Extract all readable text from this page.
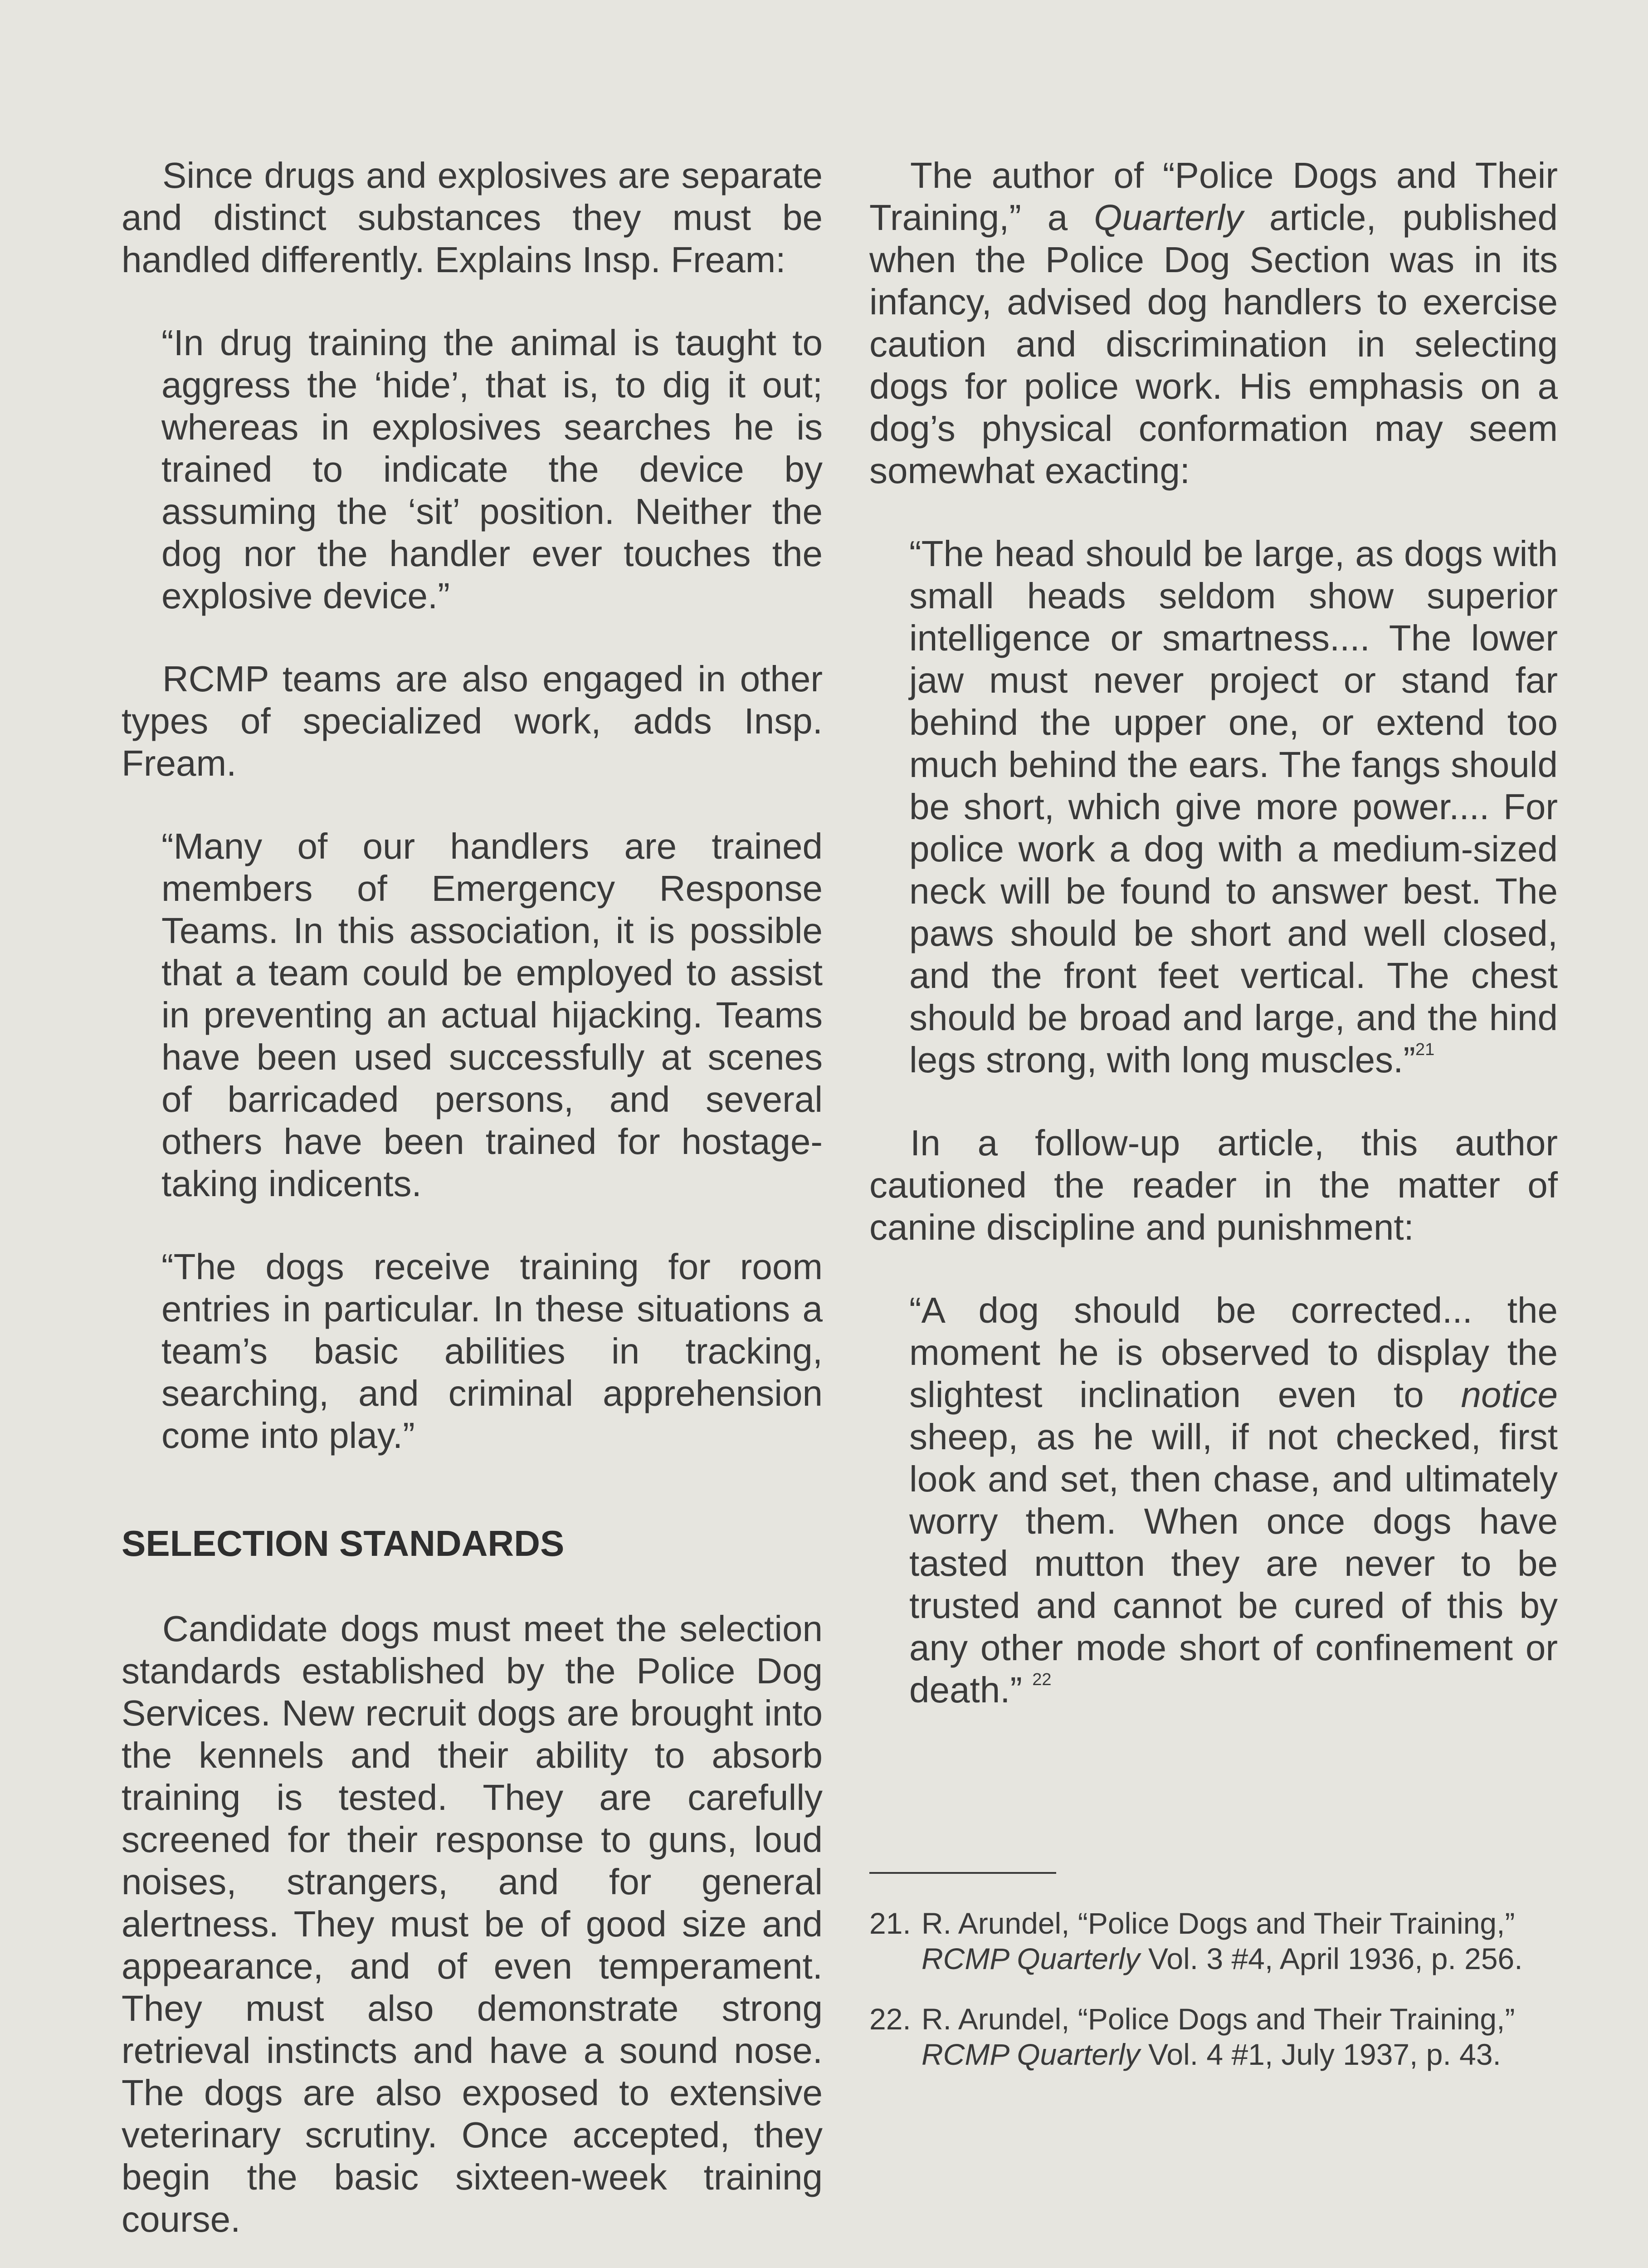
Since drugs and explosives are separate and distinct substances they must be handled differently. Explains Insp. Fream:

“In drug training the animal is taught to aggress the ‘hide’, that is, to dig it out; whereas in explosives searches he is trained to indicate the device by assuming the ‘sit’ position. Neither the dog nor the handler ever touches the explosive device.”

RCMP teams are also engaged in other types of specialized work, adds Insp. Fream.

“Many of our handlers are trained members of Emergency Response Teams. In this association, it is possible that a team could be employed to assist in preventing an actual hijacking. Teams have been used successfully at scenes of barricaded persons, and several others have been trained for hostage-taking indicents.

“The dogs receive training for room entries in particular. In these situations a team’s basic abilities in tracking, searching, and criminal apprehension come into play.”

SELECTION STANDARDS

Candidate dogs must meet the selection standards established by the Police Dog Services. New recruit dogs are brought into the kennels and their ability to absorb training is tested. They are carefully screened for their response to guns, loud noises, strangers, and for general alertness. They must be of good size and appearance, and of even temperament. They must also demonstrate strong retrieval instincts and have a sound nose. The dogs are also exposed to extensive veterinary scrutiny. Once accepted, they begin the basic sixteen-week training course.

The author of “Police Dogs and Their Training,” a Quarterly article, published when the Police Dog Section was in its infancy, advised dog handlers to exercise caution and discrimination in selecting dogs for police work. His emphasis on a dog’s physical conformation may seem somewhat exacting:

“The head should be large, as dogs with small heads seldom show superior intelligence or smartness.... The lower jaw must never project or stand far behind the upper one, or extend too much behind the ears. The fangs should be short, which give more power.... For police work a dog with a medium-sized neck will be found to answer best. The paws should be short and well closed, and the front feet vertical. The chest should be broad and large, and the hind legs strong, with long muscles.”$^{21}$

In a follow-up article, this author cautioned the reader in the matter of canine discipline and punishment:

“A dog should be corrected... the moment he is observed to display the slightest inclination even to notice sheep, as he will, if not checked, first look and set, then chase, and ultimately worry them. When once dogs have tasted mutton they are never to be trusted and cannot be cured of this by any other mode short of confinement or death.” $^{22}$

21. R. Arundel, “Police Dogs and Their Training,” RCMP Quarterly Vol. 3 #4, April 1936, p. 256.
22. R. Arundel, “Police Dogs and Their Training,” RCMP Quarterly Vol. 4 #1, July 1937, p. 43.
